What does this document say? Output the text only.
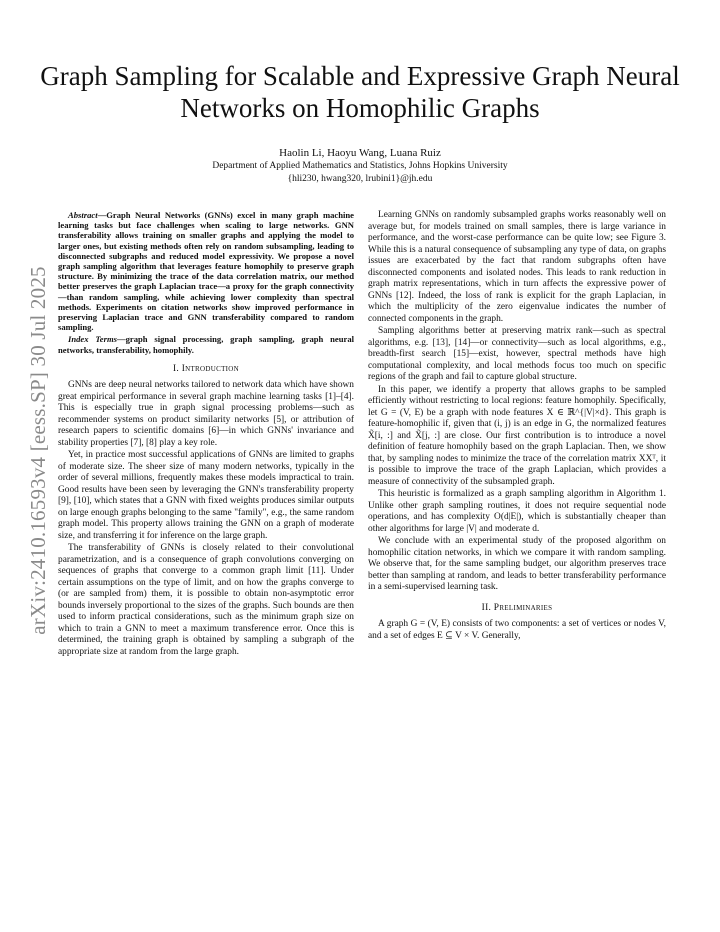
arXiv:2410.16593v4 [eess.SP] 30 Jul 2025
Graph Sampling for Scalable and Expressive Graph Neural Networks on Homophilic Graphs
Haolin Li, Haoyu Wang, Luana Ruiz
Department of Applied Mathematics and Statistics, Johns Hopkins University
{hli230, hwang320, lrubini1}@jh.edu

Abstract—Graph Neural Networks (GNNs) excel in many graph machine learning tasks but face challenges when scaling to large networks. GNN transferability allows training on smaller graphs and applying the model to larger ones, but existing methods often rely on random subsampling, leading to disconnected subgraphs and reduced model expressivity. We propose a novel graph sampling algorithm that leverages feature homophily to preserve graph structure. By minimizing the trace of the data correlation matrix, our method better preserves the graph Laplacian trace—a proxy for the graph connectivity—than random sampling, while achieving lower complexity than spectral methods. Experiments on citation networks show improved performance in preserving Laplacian trace and GNN transferability compared to random sampling.

Index Terms—graph signal processing, graph sampling, graph neural networks, transferability, homophily.

I. Introduction

GNNs are deep neural networks tailored to network data which have shown great empirical performance in several graph machine learning tasks [1]–[4]. This is especially true in graph signal processing problems—such as recommender systems on product similarity networks [5], or attribution of research papers to scientific domains [6]—in which GNNs' invariance and stability properties [7], [8] play a key role.

Yet, in practice most successful applications of GNNs are limited to graphs of moderate size. The sheer size of many modern networks, typically in the order of several millions, frequently makes these models impractical to train. Good results have been seen by leveraging the GNN's transferability property [9], [10], which states that a GNN with fixed weights produces similar outputs on large enough graphs belonging to the same "family", e.g., the same random graph model. This property allows training the GNN on a graph of moderate size, and transferring it for inference on the large graph.

The transferability of GNNs is closely related to their convolutional parametrization, and is a consequence of graph convolutions converging on sequences of graphs that converge to a common graph limit [11]. Under certain assumptions on the type of limit, and on how the graphs converge to (or are sampled from) them, it is possible to obtain non-asymptotic error bounds inversely proportional to the sizes of the graphs. Such bounds are then used to inform practical considerations, such as the minimum graph size on which to train a GNN to meet a maximum transference error. Once this is determined, the training graph is obtained by sampling a subgraph of the appropriate size at random from the large graph.

Learning GNNs on randomly subsampled graphs works reasonably well on average but, for models trained on small samples, there is large variance in performance, and the worst-case performance can be quite low; see Figure 3. While this is a natural consequence of subsampling any type of data, on graphs issues are exacerbated by the fact that random subgraphs often have disconnected components and isolated nodes. This leads to rank reduction in graph matrix representations, which in turn affects the expressive power of GNNs [12]. Indeed, the loss of rank is explicit for the graph Laplacian, in which the multiplicity of the zero eigenvalue indicates the number of connected components in the graph.

Sampling algorithms better at preserving matrix rank—such as spectral algorithms, e.g. [13], [14]—or connectivity—such as local algorithms, e.g., breadth-first search [15]—exist, however, spectral methods have high computational complexity, and local methods focus too much on specific regions of the graph and fail to capture global structure.

In this paper, we identify a property that allows graphs to be sampled efficiently without restricting to local regions: feature homophily. Specifically, let G = (V, E) be a graph with node features X ∈ ℝ^{|V|×d}. This graph is feature-homophilic if, given that (i, j) is an edge in G, the normalized features X̃[i, :] and X̃[j, :] are close. Our first contribution is to introduce a novel definition of feature homophily based on the graph Laplacian. Then, we show that, by sampling nodes to minimize the trace of the correlation matrix XXᵀ, it is possible to improve the trace of the graph Laplacian, which provides a measure of connectivity of the subsampled graph.

This heuristic is formalized as a graph sampling algorithm in Algorithm 1. Unlike other graph sampling routines, it does not require sequential node operations, and has complexity O(d|E|), which is substantially cheaper than other algorithms for large |V| and moderate d.

We conclude with an experimental study of the proposed algorithm on homophilic citation networks, in which we compare it with random sampling. We observe that, for the same sampling budget, our algorithm preserves trace better than sampling at random, and leads to better transferability performance in a semi-supervised learning task.

II. Preliminaries

A graph G = (V, E) consists of two components: a set of vertices or nodes V, and a set of edges E ⊆ V × V. Generally,
